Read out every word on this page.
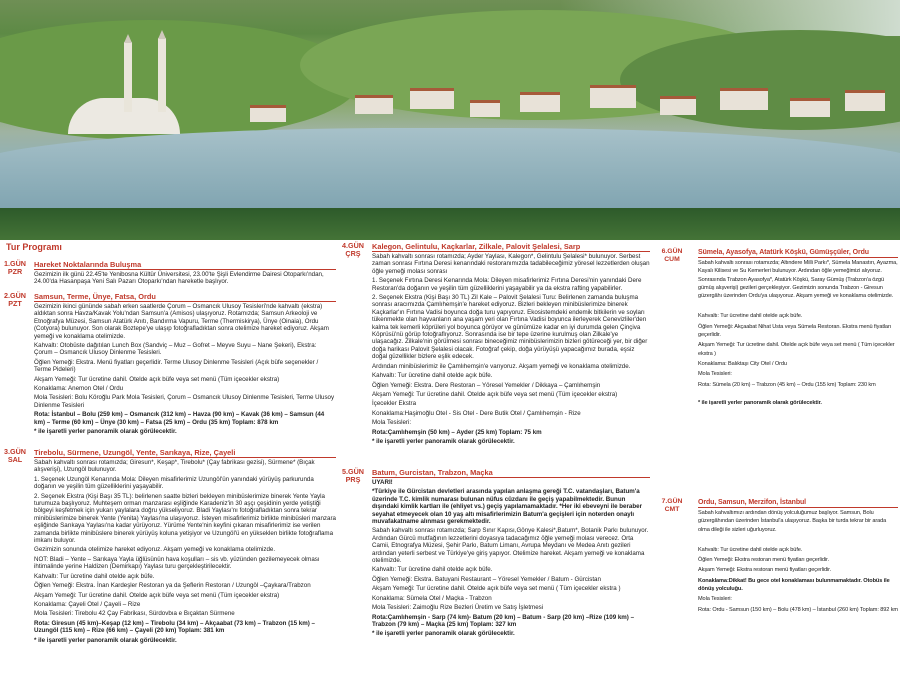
Tur Programı
1.GÜN
PZR
Hareket Noktalarında Buluşma
Gezimizin ilk günü 22.45'te Yenibosna Kültür Üniversitesi, 23.00'te Şişli Evlendirme Dairesi Otoparkı'ndan, 24.00'da Hasanpaşa Yeni Salı Pazarı Otoparkı'ndan hareketle başlıyor.
2.GÜN
PZT
Samsun, Terme, Ünye, Fatsa, Ordu
Gezimizin ikinci gününde sabah erken saatlerde Çorum – Osmancık Ulusoy Tesisleri'nde kahvaltı (ekstra) aldıktan sonra Havza/Kavak Yolu'ndan Samsun'a (Amisos) ulaşıyoruz. Rotamızda; Samsun Arkeoloji ve Etnoğrafya Müzesi, Samsun Atatürk Anıtı, Bandırma Vapuru, Terme (Thermiskirya), Ünye (Oinaia), Ordu (Cotyora) bulunuyor. Son olarak Boztepe'ye ulaşıp fotoğrafladıktan sonra otelimize hareket ediyoruz. Akşam yemeği ve konaklama otelimizde.
Kahvaltı: Otobüste dağıtılan Lunch Box (Sandviç – Muz – Gofret – Meyve Suyu – Nane Şekeri), Ekstra: Çorum – Osmancık Ulusoy Dinlenme Tesisleri.
Öğlen Yemeği: Ekstra. Menü fiyatları geçerlidir. Terme Ulusoy Dinlenme Tesisleri (Açık büfe seçenekler / Terme Pideleri)
Akşam Yemeği: Tur ücretine dahil. Otelde açık büfe veya set menü (Tüm içecekler ekstra)
Konaklama: Anemon Otel / Ordu
Mola Tesisleri: Bolu Köroğlu Park Mola Tesisleri, Çorum – Osmancık Ulusoy Dinlenme Tesisleri, Terme Ulusoy Dinlenme Tesisleri
Rota: İstanbul – Bolu (259 km) – Osmancık (312 km) – Havza (90 km) – Kavak (36 km) – Samsun (44 km) – Terme (60 km) – Ünye (30 km) – Fatsa (25 km) – Ordu (35 km) Toplam: 878 km
* ile işaretli yerler panoramik olarak görülecektir.
3.GÜN
SAL
Tirebolu, Sürmene, Uzungöl, Yente, Sarıkaya, Rize, Çayeli
Sabah kahvaltı sonrası rotamızda; Giresun*, Keşap*, Tirebolu* (Çay fabrikası gezisi), Sürmene* (Bıçak alışverişi), Uzungöl bulunuyor.
1. Seçenek Uzungöl Kenarında Mola: Dileyen misafirlerimiz Uzungöl'ün yanındaki yürüyüş parkurunda doğanın ve yeşilin tüm güzelliklerini yaşayabilir.
2. Seçenek Ekstra (Kişi Başı 35 TL): belirlenen saatte bizleri bekleyen minibüslerimize binerek Yente Yayla turumuza başlıyoruz. Muhteşem orman manzarası eşliğinde Karadeniz'in 30 aşçı çeşidinin yerde yetiştiği bölgeyi keşfetmek için yukarı yaylalara doğru yükseliyoruz. Bladi Yaylası'nı fotoğrafladıktan sonra tekrar minibüslerimize binerek Yente (Yenita) Yaylası'na ulaşıyoruz. İsteyen misafirlerimiz birlikte minibüsleri manzara eşliğinde Sarıkaya Yaylası'na kadar yürüyoruz. Yürüme Yente'nin keyfini çıkaran misafirlerimiz ise verilen zamanda birlikte minibüslere binerek yürüyüş koluna yetişiyor ve Uzungöl'ü en yükseklen birlikte fotoğraflama imkanı buluyor.
Gezimizin sonunda otelimize hareket ediyoruz. Akşam yemeği ve konaklama otelimizde.
NOT: Bladi – Yente – Sarıkaya Yayla üğlüsünün hava koşulları – sis vb. yüzünden gezilemeyecek olması ihtimalinde yerine Haldizen (Demirkapı) Yaylası turu gerçekleştirilecektir.
Kahvaltı: Tur ücretine dahil otelde açık büfe.
Öğlen Yemeği: Ekstra. İnan Kardeşler Restoran ya da Şeflerin Restoran / Uzungöl –Çaykara/Trabzon
Akşam Yemeği: Tur ücretine dahil. Otelde açık büfe veya set menü (Tüm içecekler ekstra)
Konaklama: Çayeli Otel / Çayeli – Rize
Mola Tesisleri: Tirebolu 42 Çay Fabrikası, Sürdovbıa e Bıçaktan Sürmene
Rota: Giresun (45 km)–Keşap (12 km) – Tirebolu (34 km) – Akçaabat (73 km) – Trabzon (15 km) – Uzungöl (115 km) – Rize (66 km) – Çayeli (20 km) Toplam: 381 km
* ile işaretli yerler panoramik olarak görülecektir.
4.GÜN
ÇRŞ
Kalegon, Gelintulu, Kaçkarlar, Zilkale, Palovit Şelalesi, Sarp
Sabah kahvaltı sonrası rotamızda; Ayder Yaylası, Kalegon*, Gelintulu Şelalesi* bulunuyor. Serbest zaman sonrası Fırtına Deresi kenarındaki restoranımızda tadabileceğimiz yöresel lezzetlerden oluşan öğle yemeği molası sonrası
1. Seçenek Fırtına Deresi Kenarında Mola: Dileyen misafirlerimiz Fırtına Deresi'nin yanındaki Dere Restoran'da doğanın ve yeşilin tüm güzelliklerini yaşayabilir ya da ekstra rafting yapabilirler.
2. Seçenek Ekstra (Kişi Başı 30 TL) Zil Kale – Palovit Şelalesi Turu: Belirlenen zamanda buluşma sonrası aracımızda Çamlıhemşin'e hareket ediyoruz. Bizleri bekleyen minibüslerimize binerek Kaçkarlar'ın Fırtına Vadisi boyunca doğa turu yapıyoruz. Ekosistemdeki endemik bitkilerin ve soyları tükenmekte olan hayvanların ana yaşam yeri olan Fırtına Vadisi boyunca ilerleyerek Cenevizliler'den kalma tek kemerli köprüleri yol boyunca görüyor ve günümüze kadar en iyi durumda gelen Çinçiva Köprüsü'nü görüp fotoğraflıyoruz. Sonrasında ise bir tepe üzerine kurulmuş olan Zilkale'ye ulaşacağız. Zilkale'nin görülmesi sonrası bineceğimiz minibüslerimizin bizleri götüreceği yer, bir diğer doğa harikası Palovit Şelalesi olacak. Fotoğraf çekip, doğa yürüyüşü yapacağımız burada, eşsiz doğal güzellikler bizlere eşlik edecek.
Ardından minibüslerimiz ile Çamlıhemşin'e varıyoruz. Akşam yemeği ve konaklama otelimizde.
Kahvaltı: Tur ücretine dahil otelde açık büfe.
Öğlen Yemeği: Ekstra. Dere Restoran – Yöresel Yemekler / Dikkaya – Çamlıhemşin
Akşam Yemeği: Tur ücretine dahil. Otelde açık büfe veya set menü (Tüm içecekler ekstra)
İçecekler Ekstra
Konaklama:Haşimoğlu Otel - Sis Otel - Dere Butik Otel / Çamlıhemşin - Rize
Mola Tesisleri:
Rota:Çamlıhemşin (50 km) – Ayder (25 km) Toplam: 75 km
* ile işaretli yerler panoramik olarak görülecektir.
5.GÜN
PRŞ
Batum, Gurcistan, Trabzon, Maçka
UYARI!
*Türkiye ile Gürcistan devletleri arasında yapılan anlaşma gereği T.C. vatandaşları, Batum'a üzerinde T.C. kimlik numarası bulunan nüfus cüzdanı ile geçiş yapabilmektedir. Bunun dışındaki kimlik kartları ile (ehliyet vs.) geçiş yapılamamaktadır. *Her iki ebeveyni ile beraber seyahat etmeyecek olan 10 yaş altı misafirlerimizin Batum'a geçişleri için noterden onaylı muvafakatname alınması gerekmektedir.
Sabah kahvaltı sonrası rotamızda; Sarp Sınır Kapısı,Gönye Kalesi*,Batum*, Botanik Parkı bulunuyor. Ardından Gürcü mutfağının lezzetlerini doyasıya tadacağımız öğle yemeği molası verecez. Orta Camii, Etnografya Müzesi, Şehir Parkı, Batum Limanı, Avrupa Meydanı ve Medea Anıtı gezileri ardından yeterli serbest ve Türkiye'ye giriş yapıyor. Otelimize hareket. Akşam yemeği ve konaklama otelimizde.
Kahvaltı: Tur ücretine dahil otelde açık büfe.
Öğlen Yemeği: Ekstra. Batuyani Restaurant – Yöresel Yemekler / Batum - Gürcistan
Akşam Yemeği: Tur ücretine dahil. Otelde açık büfe veya set menü ( Tüm içecekler ekstra )
Konaklama: Sümela Otel / Maçka - Trabzon
Mola Tesisleri: Zaimoğlu Rize Bezleri Üretim ve Satış İşletmesi
Rota:Çamlıhemşin - Sarp (74 km)- Batum (20 km) – Batum - Sarp (20 km) –Rize (109 km) – Trabzon (79 km) – Maçka (25 km) Toplam: 327 km
* ile işaretli yerler panoramik olarak görülecektir.
6.GÜN
CUM
Sümela, Ayasofya, Atatürk Köşkü, Gümüşçüler, Ordu
Sabah kahvaltı sonrası rotamızda; Altındere Milli Parkı*, Sümela Manastırı, Ayazma, Kayalı Kilisesi ve Su Kemerleri bulunuyor. Ardından öğle yemeğimizi alıyoruz. Sonrasında Trabzon Ayasofya*, Atatürk Köşkü, Saray Gümüş (Trabzon'a özgü gümüş alışverişi) gezileri gerçekleşiyor. Gezimizin sonunda Trabzon - Giresun güzergâhı üzerinden Ordu'ya ulaşıyoruz. Akşam yemeği ve konaklama otelimizde.
Kahvaltı: Tur ücretine dahil otelde açık büfe.
Öğlen Yemeği: Akçaabat Nihat Usta veya Sümela Restoran. Ekstra menü fiyatları geçerlidir.
Akşam Yemeği: Tur ücretine dahil. Otelde açık büfe veya set menü ( Tüm içecekler ekstra )
Konaklama: Balıktaşı City Otel / Ordu
Mola Tesisleri:
Rota: Sümela (20 km) – Trabzon (45 km) – Ordu (155 km) Toplam: 230 km
* ile işaretli yerler panoramik olarak görülecektir.
7.GÜN
CMT
Ordu, Samsun, Merzifon, İstanbul
Sabah kahvaltımızı ardından dönüş yolculuğumuz başlıyor. Samsun, Bolu güzergâhından üzerinden İstanbul'a ulaşıyoruz. Başka bir turda tekrar bir arada olma dileği ile sizleri uğurluyoruz.
Kahvaltı: Tur ücretine dahil otelde açık büfe.
Öğlen Yemeği: Ekstra restoran menü fiyatları geçerlidir.
Akşam Yemeği: Ekstra restoran menü fiyatları geçerlidir.
Konaklama:Dikkat! Bu gece otel konaklaması bulunmamaktadır. Otobüs ile dönüş yolculuğu.
Mola Tesisleri:
Rota: Ordu - Samsun (150 km) – Bolu (478 km) – İstanbul (260 km) Toplam: 892 km
